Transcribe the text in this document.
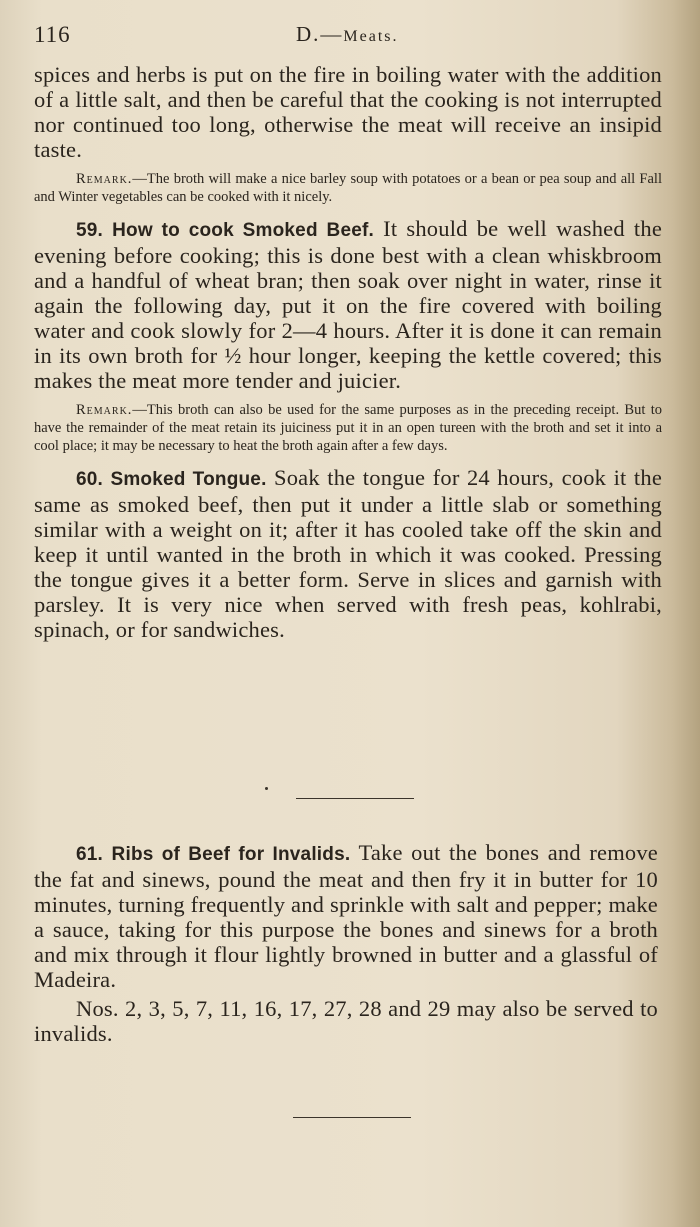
116	D.—Meats.

spices and herbs is put on the fire in boiling water with the addition of a little salt, and then be careful that the cooking is not interrupted nor continued too long, otherwise the meat will receive an insipid taste.

Remark.—The broth will make a nice barley soup with potatoes or a bean or pea soup and all Fall and Winter vegetables can be cooked with it nicely.

59. How to cook Smoked Beef. It should be well washed the evening before cooking; this is done best with a clean whiskbroom and a handful of wheat bran; then soak over night in water, rinse it again the following day, put it on the fire covered with boiling water and cook slowly for 2—4 hours. After it is done it can remain in its own broth for ½ hour longer, keeping the kettle covered; this makes the meat more tender and juicier.

Remark.—This broth can also be used for the same purposes as in the preceding receipt. But to have the remainder of the meat retain its juiciness put it in an open tureen with the broth and set it into a cool place; it may be necessary to heat the broth again after a few days.

60. Smoked Tongue. Soak the tongue for 24 hours, cook it the same as smoked beef, then put it under a little slab or something similar with a weight on it; after it has cooled take off the skin and keep it until wanted in the broth in which it was cooked. Pressing the tongue gives it a better form. Serve in slices and garnish with parsley. It is very nice when served with fresh peas, kohlrabi, spinach, or for sandwiches.

61. Ribs of Beef for Invalids. Take out the bones and remove the fat and sinews, pound the meat and then fry it in butter for 10 minutes, turning frequently and sprinkle with salt and pepper; make a sauce, taking for this purpose the bones and sinews for a broth and mix through it flour lightly browned in butter and a glassful of Madeira.

Nos. 2, 3, 5, 7, 11, 16, 17, 27, 28 and 29 may also be served to invalids.
